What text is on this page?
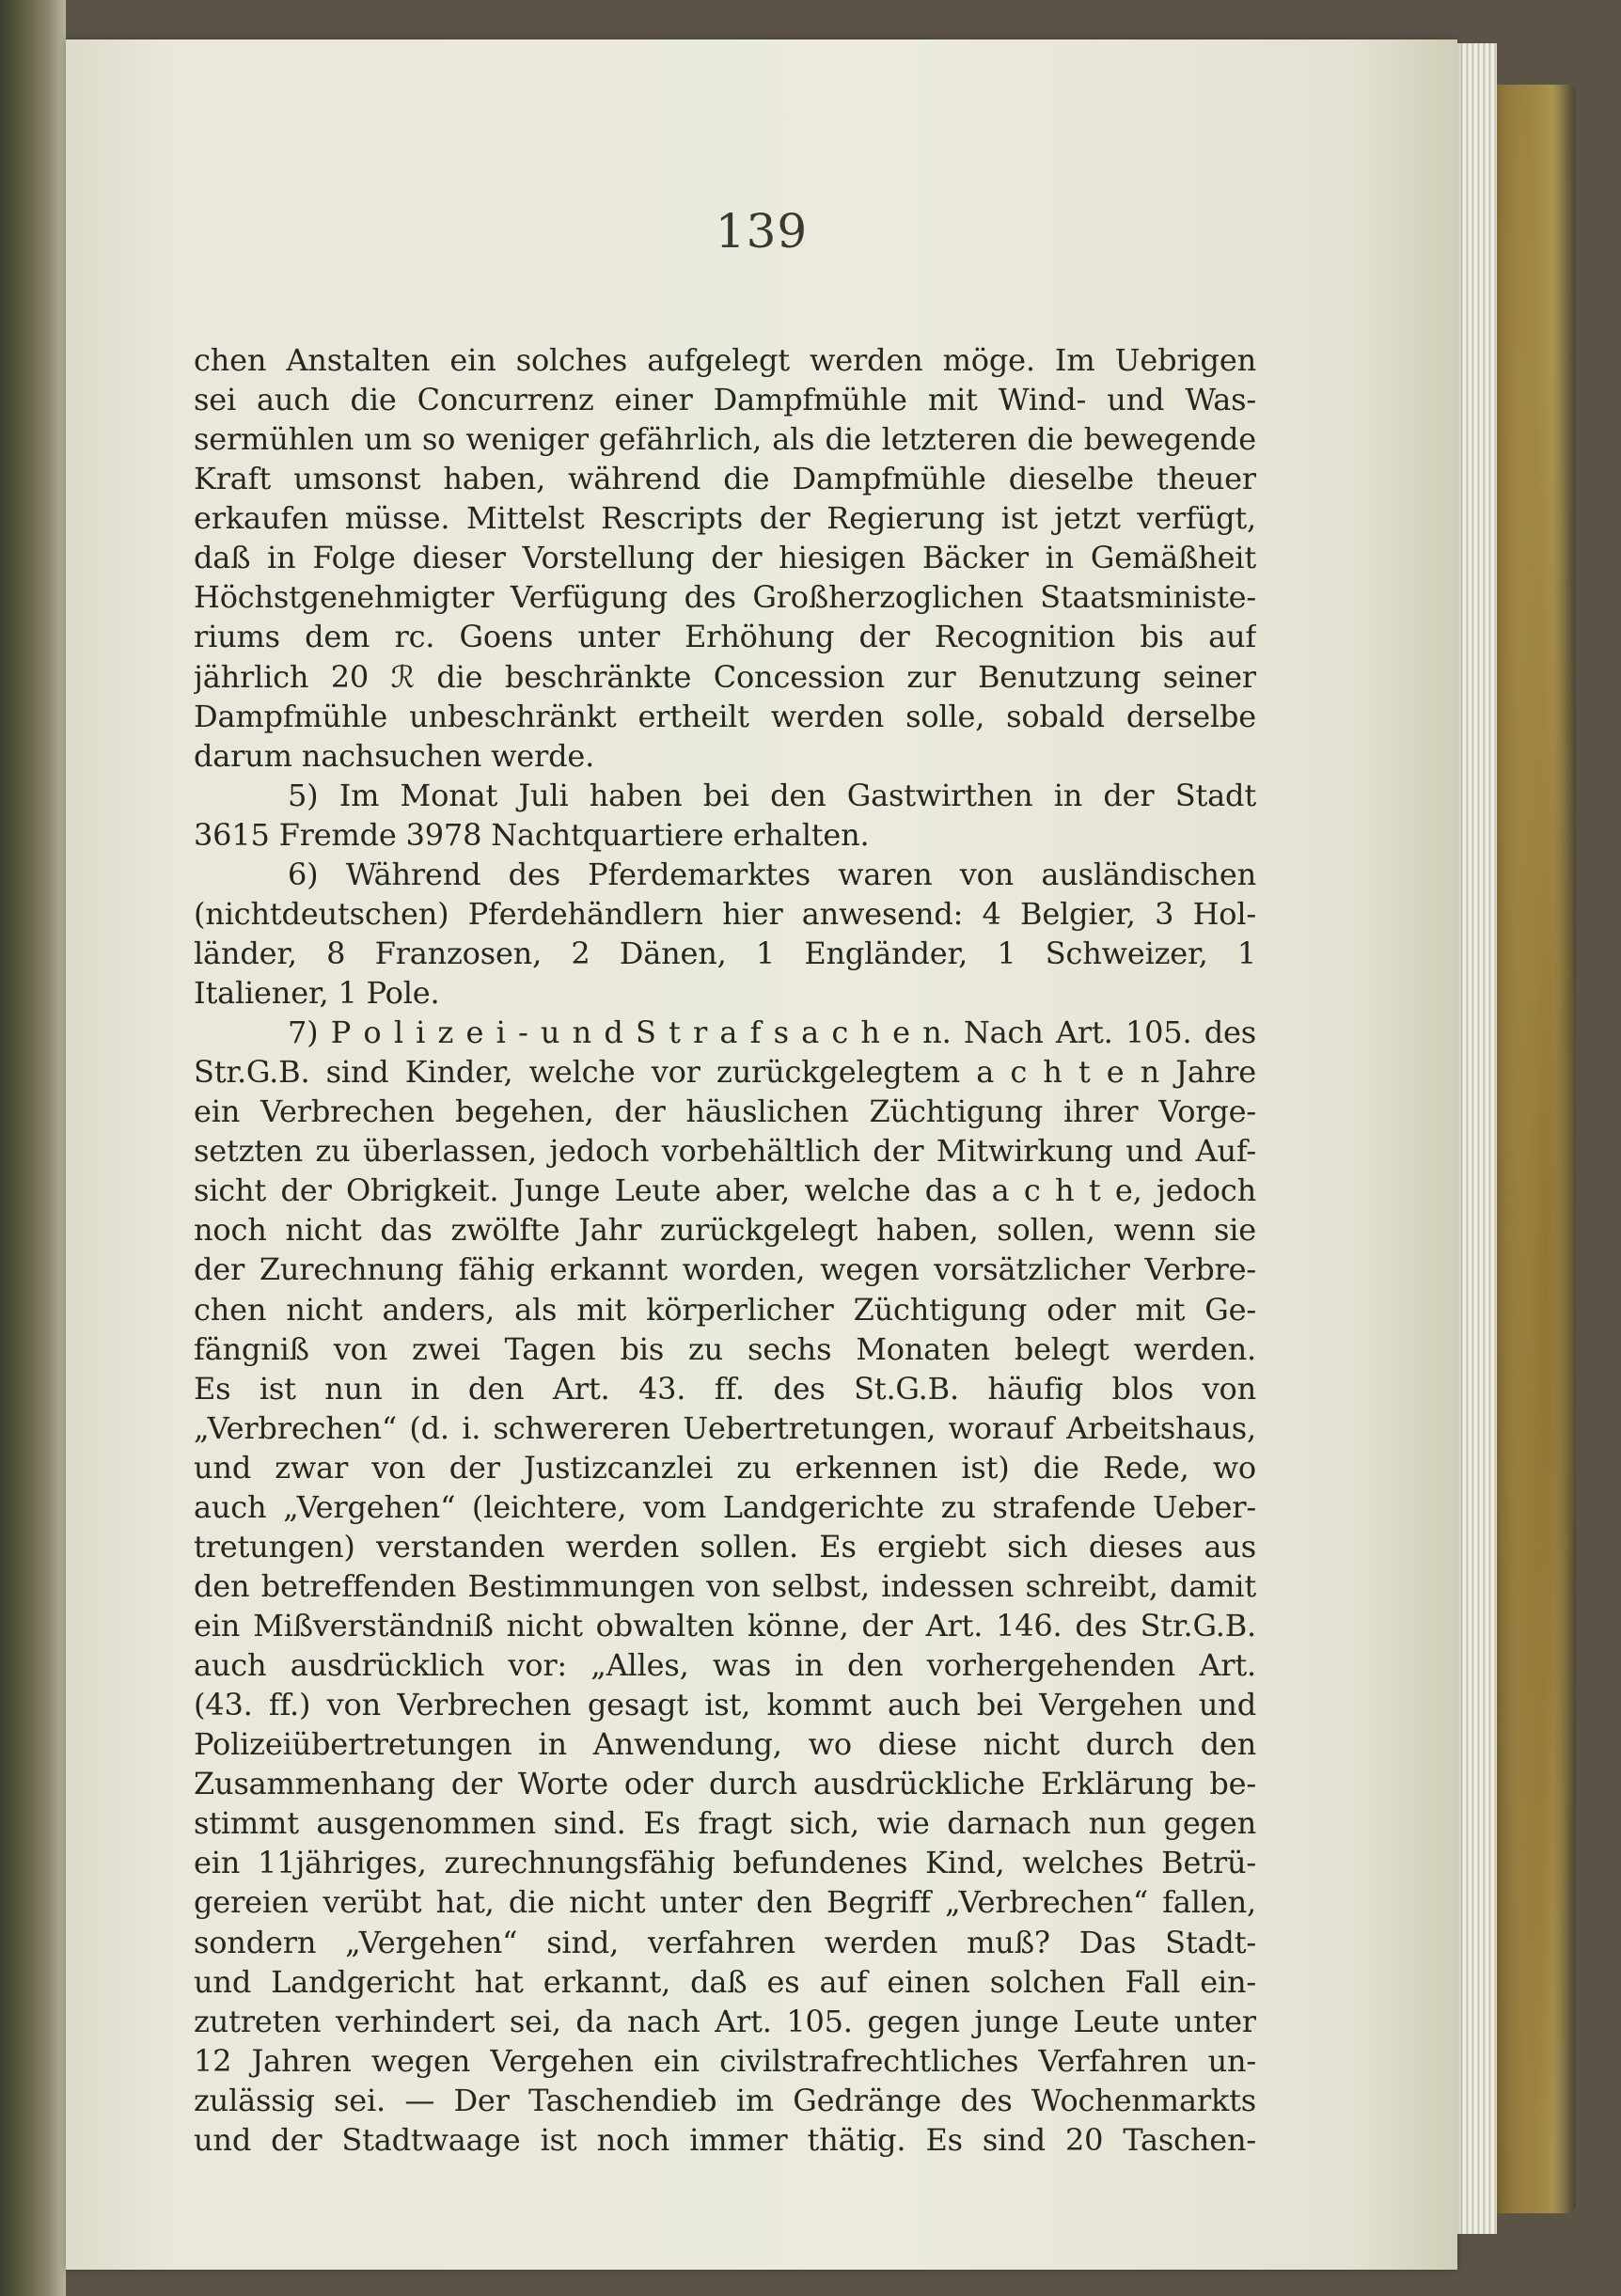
139
chen Anstalten ein solches aufgelegt werden möge. Im Uebrigen
sei auch die Concurrenz einer Dampfmühle mit Wind- und Was-
sermühlen um so weniger gefährlich, als die letzteren die bewegende
Kraft umsonst haben, während die Dampfmühle dieselbe theuer
erkaufen müsse. Mittelst Rescripts der Regierung ist jetzt verfügt,
daß in Folge dieser Vorstellung der hiesigen Bäcker in Gemäßheit
Höchstgenehmigter Verfügung des Großherzoglichen Staatsministe-
riums dem rc. Goens unter Erhöhung der Recognition bis auf
jährlich 20 ℛ die beschränkte Concession zur Benutzung seiner
Dampfmühle unbeschränkt ertheilt werden solle, sobald derselbe
darum nachsuchen werde.
5) Im Monat Juli haben bei den Gastwirthen in der Stadt
3615 Fremde 3978 Nachtquartiere erhalten.
6) Während des Pferdemarktes waren von ausländischen
(nichtdeutschen) Pferdehändlern hier anwesend: 4 Belgier, 3 Hol-
länder, 8 Franzosen, 2 Dänen, 1 Engländer, 1 Schweizer, 1
Italiener, 1 Pole.
7) P o l i z e i - u n d S t r a f s a c h e n. Nach Art. 105. des
Str.G.B. sind Kinder, welche vor zurückgelegtem a c h t e n Jahre
ein Verbrechen begehen, der häuslichen Züchtigung ihrer Vorge-
setzten zu überlassen, jedoch vorbehältlich der Mitwirkung und Auf-
sicht der Obrigkeit. Junge Leute aber, welche das a c h t e, jedoch
noch nicht das zwölfte Jahr zurückgelegt haben, sollen, wenn sie
der Zurechnung fähig erkannt worden, wegen vorsätzlicher Verbre-
chen nicht anders, als mit körperlicher Züchtigung oder mit Ge-
fängniß von zwei Tagen bis zu sechs Monaten belegt werden.
Es ist nun in den Art. 43. ff. des St.G.B. häufig blos von
„Verbrechen“ (d. i. schwereren Uebertretungen, worauf Arbeitshaus,
und zwar von der Justizcanzlei zu erkennen ist) die Rede, wo
auch „Vergehen“ (leichtere, vom Landgerichte zu strafende Ueber-
tretungen) verstanden werden sollen. Es ergiebt sich dieses aus
den betreffenden Bestimmungen von selbst, indessen schreibt, damit
ein Mißverständniß nicht obwalten könne, der Art. 146. des Str.G.B.
auch ausdrücklich vor: „Alles, was in den vorhergehenden Art.
(43. ff.) von Verbrechen gesagt ist, kommt auch bei Vergehen und
Polizeiübertretungen in Anwendung, wo diese nicht durch den
Zusammenhang der Worte oder durch ausdrückliche Erklärung be-
stimmt ausgenommen sind. Es fragt sich, wie darnach nun gegen
ein 11jähriges, zurechnungsfähig befundenes Kind, welches Betrü-
gereien verübt hat, die nicht unter den Begriff „Verbrechen“ fallen,
sondern „Vergehen“ sind, verfahren werden muß? Das Stadt-
und Landgericht hat erkannt, daß es auf einen solchen Fall ein-
zutreten verhindert sei, da nach Art. 105. gegen junge Leute unter
12 Jahren wegen Vergehen ein civilstrafrechtliches Verfahren un-
zulässig sei. — Der Taschendieb im Gedränge des Wochenmarkts
und der Stadtwaage ist noch immer thätig. Es sind 20 Taschen-
